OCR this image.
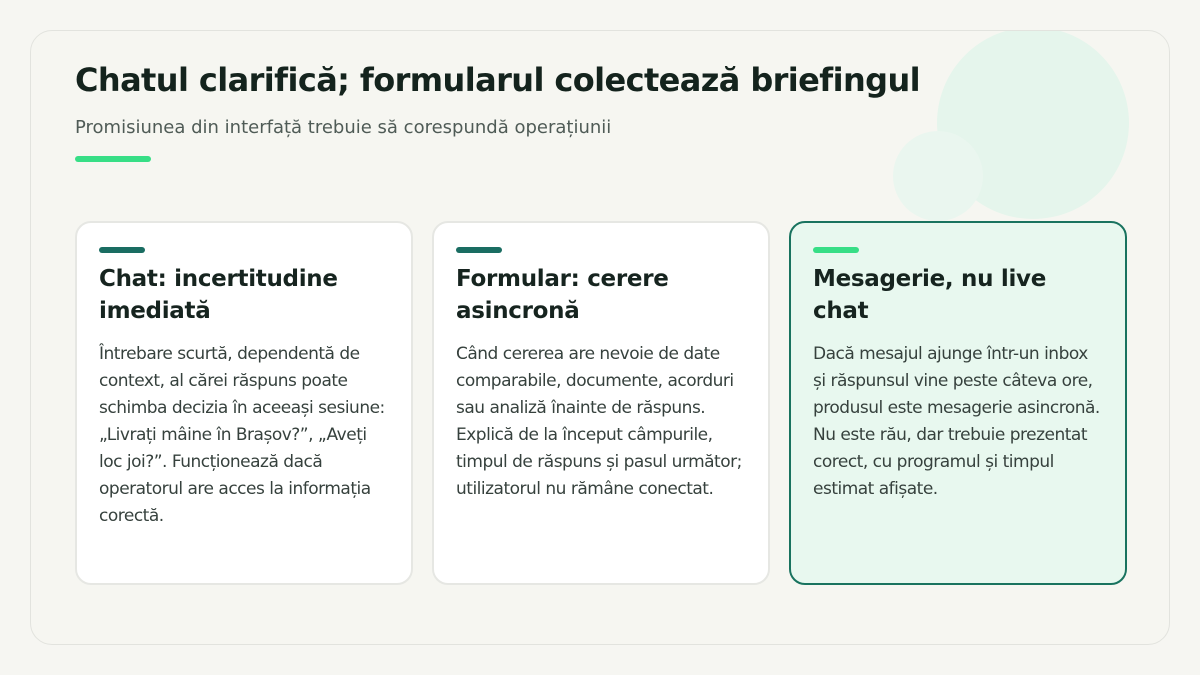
Chatul clarifică; formularul colectează briefingul

Promisiunea din interfață trebuie să corespundă operațiunii

Chat: incertitudine imediată

Întrebare scurtă, dependentă de context, al cărei răspuns poate schimba decizia în aceeași sesiune: „Livrați mâine în Brașov?”, „Aveți loc joi?”. Funcționează dacă operatorul are acces la informația corectă.

Formular: cerere asincronă

Când cererea are nevoie de date comparabile, documente, acorduri sau analiză înainte de răspuns. Explică de la început câmpurile, timpul de răspuns și pasul următor; utilizatorul nu rămâne conectat.

Mesagerie, nu live chat

Dacă mesajul ajunge într-un inbox și răspunsul vine peste câteva ore, produsul este mesagerie asincronă. Nu este rău, dar trebuie prezentat corect, cu programul și timpul estimat afișate.
